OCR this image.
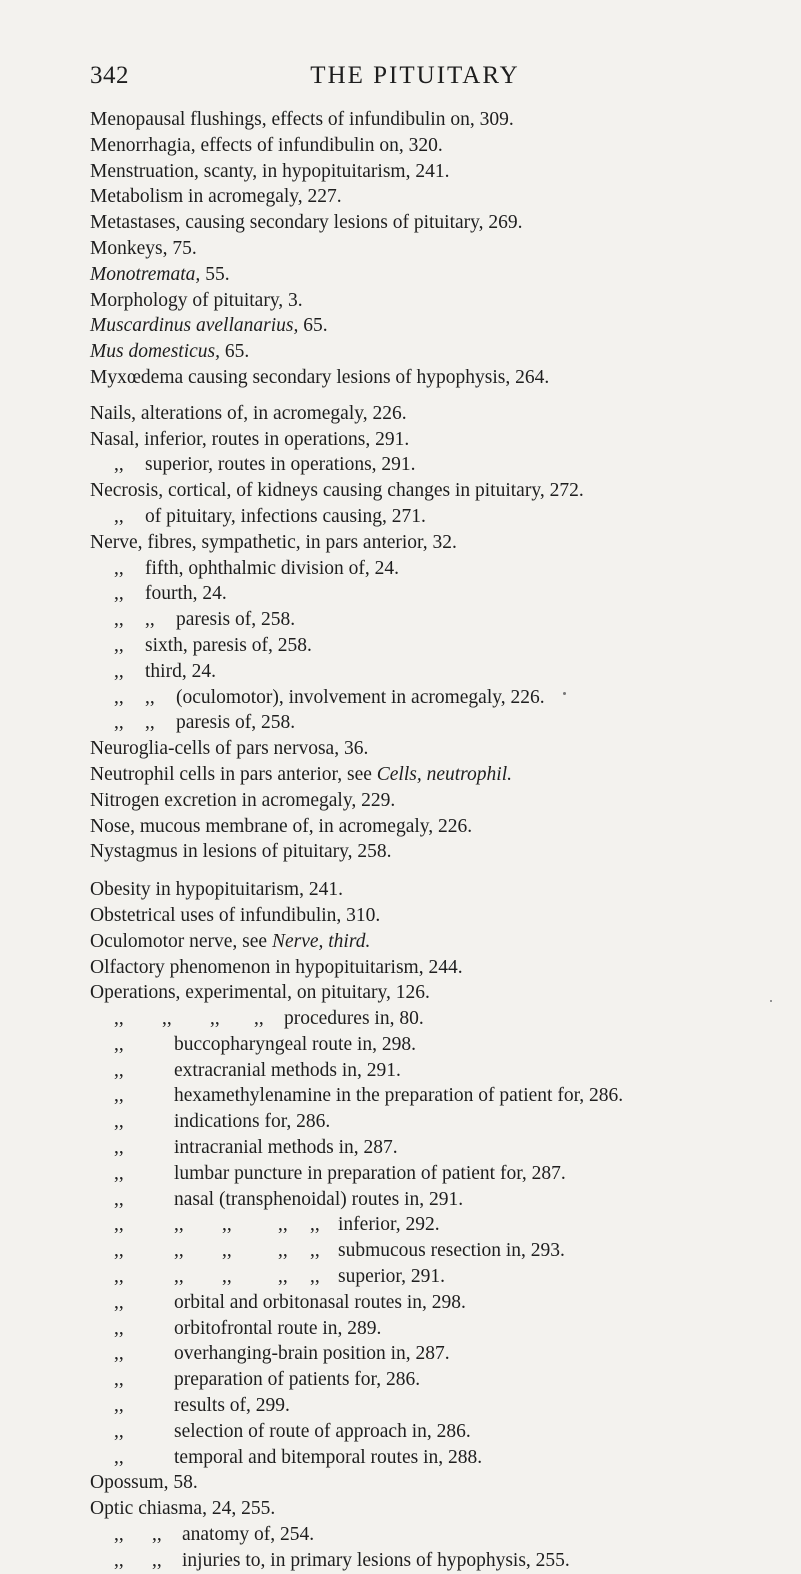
342	THE PITUITARY
Menopausal flushings, effects of infundibulin on, 309.
Menorrhagia, effects of infundibulin on, 320.
Menstruation, scanty, in hypopituitarism, 241.
Metabolism in acromegaly, 227.
Metastases, causing secondary lesions of pituitary, 269.
Monkeys, 75.
Monotremata, 55.
Morphology of pituitary, 3.
Muscardinus avellanarius, 65.
Mus domesticus, 65.
Myxœdema causing secondary lesions of hypophysis, 264.
Nails, alterations of, in acromegaly, 226.
Nasal, inferior, routes in operations, 291.
,, superior, routes in operations, 291.
Necrosis, cortical, of kidneys causing changes in pituitary, 272.
,, of pituitary, infections causing, 271.
Nerve, fibres, sympathetic, in pars anterior, 32.
,, fifth, ophthalmic division of, 24.
,, fourth, 24.
,, ,, paresis of, 258.
,, sixth, paresis of, 258.
,, third, 24.
,, ,, (oculomotor), involvement in acromegaly, 226.
,, ,, paresis of, 258.
Neuroglia-cells of pars nervosa, 36.
Neutrophil cells in pars anterior, see Cells, neutrophil.
Nitrogen excretion in acromegaly, 229.
Nose, mucous membrane of, in acromegaly, 226.
Nystagmus in lesions of pituitary, 258.
Obesity in hypopituitarism, 241.
Obstetrical uses of infundibulin, 310.
Oculomotor nerve, see Nerve, third.
Olfactory phenomenon in hypopituitarism, 244.
Operations, experimental, on pituitary, 126.
,, ,, ,, ,, procedures in, 80.
,,	buccopharyngeal route in, 298.
,,	extracranial methods in, 291.
,,	hexamethylenamine in the preparation of patient for, 286.
,,	indications for, 286.
,,	intracranial methods in, 287.
,,	lumbar puncture in preparation of patient for, 287.
,,	nasal (transphenoidal) routes in, 291.
,,	,, ,, ,, ,, inferior, 292.
,,	,, ,, ,, ,, submucous resection in, 293.
,,	,, ,, ,, ,, superior, 291.
,,	orbital and orbitonasal routes in, 298.
,,	orbitofrontal route in, 289.
,,	overhanging-brain position in, 287.
,,	preparation of patients for, 286.
,,	results of, 299.
,,	selection of route of approach in, 286.
,,	temporal and bitemporal routes in, 288.
Opossum, 58.
Optic chiasma, 24, 255.
,, ,, anatomy of, 254.
,, ,, injuries to, in primary lesions of hypophysis, 255.
